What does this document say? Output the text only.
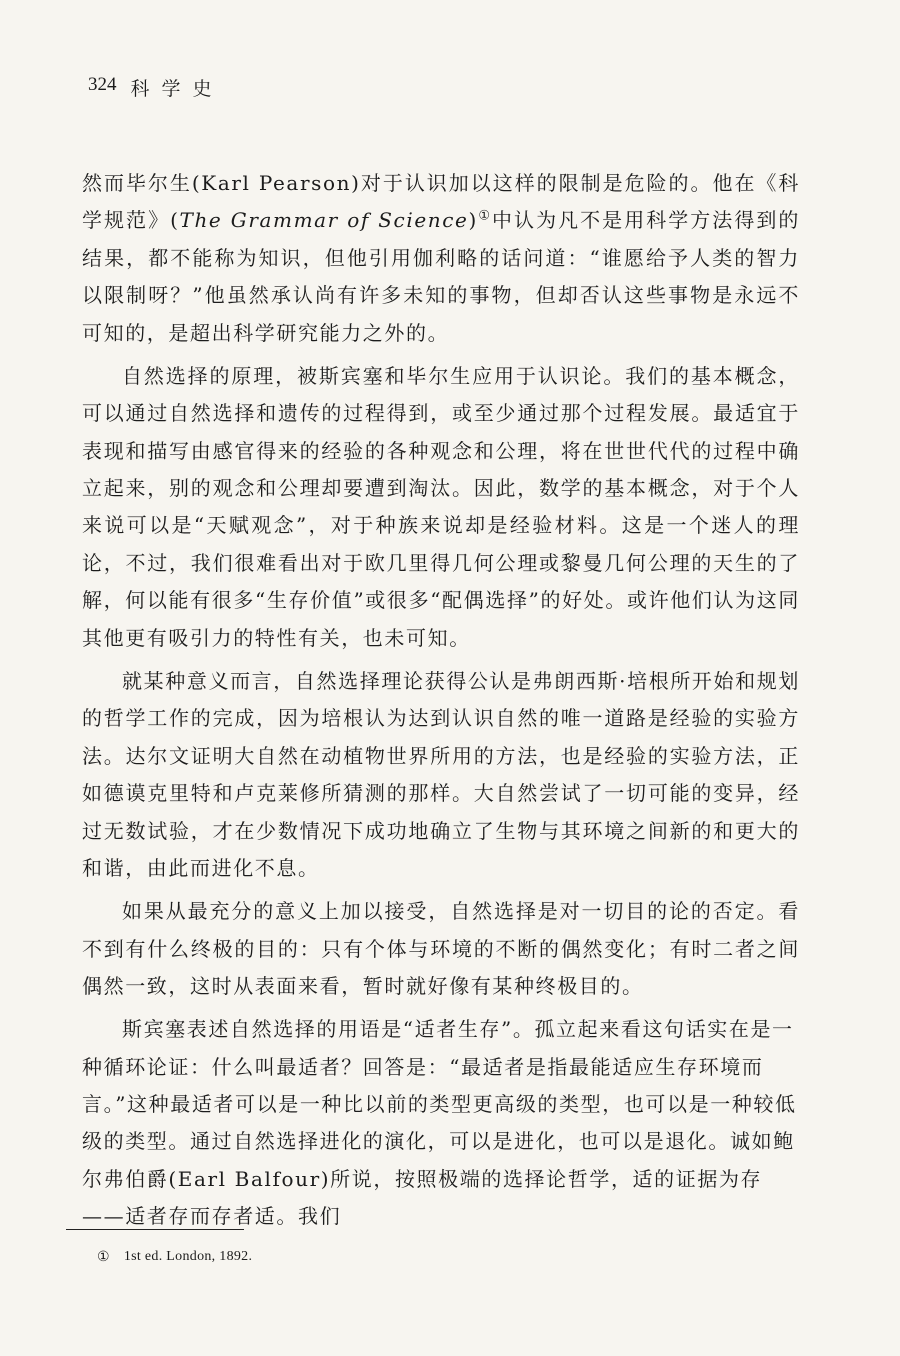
324 科学史

然而毕尔生(Karl Pearson)对于认识加以这样的限制是危险的。他在《科学规范》(The Grammar of Science)①中认为凡不是用科学方法得到的结果，都不能称为知识，但他引用伽利略的话问道：“谁愿给予人类的智力以限制呀？”他虽然承认尚有许多未知的事物，但却否认这些事物是永远不可知的，是超出科学研究能力之外的。

自然选择的原理，被斯宾塞和毕尔生应用于认识论。我们的基本概念，可以通过自然选择和遗传的过程得到，或至少通过那个过程发展。最适宜于表现和描写由感官得来的经验的各种观念和公理，将在世世代代的过程中确立起来，别的观念和公理却要遭到淘汰。因此，数学的基本概念，对于个人来说可以是“天赋观念”，对于种族来说却是经验材料。这是一个迷人的理论，不过，我们很难看出对于欧几里得几何公理或黎曼几何公理的天生的了解，何以能有很多“生存价值”或很多“配偶选择”的好处。或许他们认为这同其他更有吸引力的特性有关，也未可知。

就某种意义而言，自然选择理论获得公认是弗朗西斯·培根所开始和规划的哲学工作的完成，因为培根认为达到认识自然的唯一道路是经验的实验方法。达尔文证明大自然在动植物世界所用的方法，也是经验的实验方法，正如德谟克里特和卢克莱修所猜测的那样。大自然尝试了一切可能的变异，经过无数试验，才在少数情况下成功地确立了生物与其环境之间新的和更大的和谐，由此而进化不息。

如果从最充分的意义上加以接受，自然选择是对一切目的论的否定。看不到有什么终极的目的：只有个体与环境的不断的偶然变化；有时二者之间偶然一致，这时从表面来看，暂时就好像有某种终极目的。

斯宾塞表述自然选择的用语是“适者生存”。孤立起来看这句话实在是一种循环论证：什么叫最适者？回答是：“最适者是指最能适应生存环境而言。”这种最适者可以是一种比以前的类型更高级的类型，也可以是一种较低级的类型。通过自然选择进化的演化，可以是进化，也可以是退化。诚如鲍尔弗伯爵(Earl Balfour)所说，按照极端的选择论哲学，适的证据为存——适者存而存者适。我们

① 1st ed. London, 1892.
